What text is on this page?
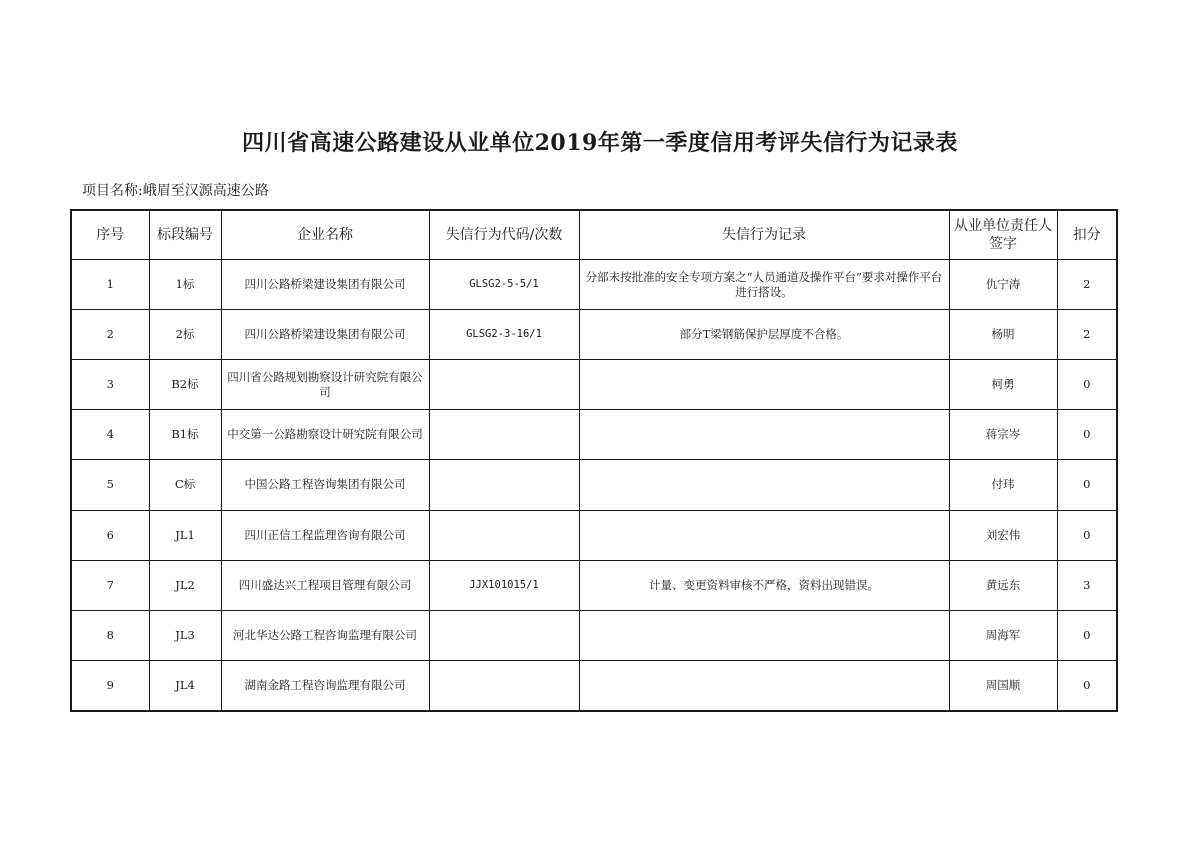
四川省高速公路建设从业单位2019年第一季度信用考评失信行为记录表
项目名称:峨眉至汉源高速公路
序号	标段编号	企业名称	失信行为代码/次数	失信行为记录	从业单位责任人签字	扣分
1	1标	四川公路桥梁建设集团有限公司	GLSG2-5-5/1	分部未按批准的安全专项方案之“人员通道及操作平台”要求对操作平台进行搭设。	仇宁涛	2
2	2标	四川公路桥梁建设集团有限公司	GLSG2-3-16/1	部分T梁钢筋保护层厚度不合格。	杨明	2
3	B2标	四川省公路规划勘察设计研究院有限公司			柯勇	0
4	B1标	中交第一公路勘察设计研究院有限公司			蒋宗岑	0
5	C标	中国公路工程咨询集团有限公司			付玮	0
6	JL1	四川正信工程监理咨询有限公司			刘宏伟	0
7	JL2	四川盛达兴工程项目管理有限公司	JJX101015/1	计量、变更资料审核不严格，资料出现错误。	黄远东	3
8	JL3	河北华达公路工程咨询监理有限公司			周海军	0
9	JL4	湖南金路工程咨询监理有限公司			周国顺	0
